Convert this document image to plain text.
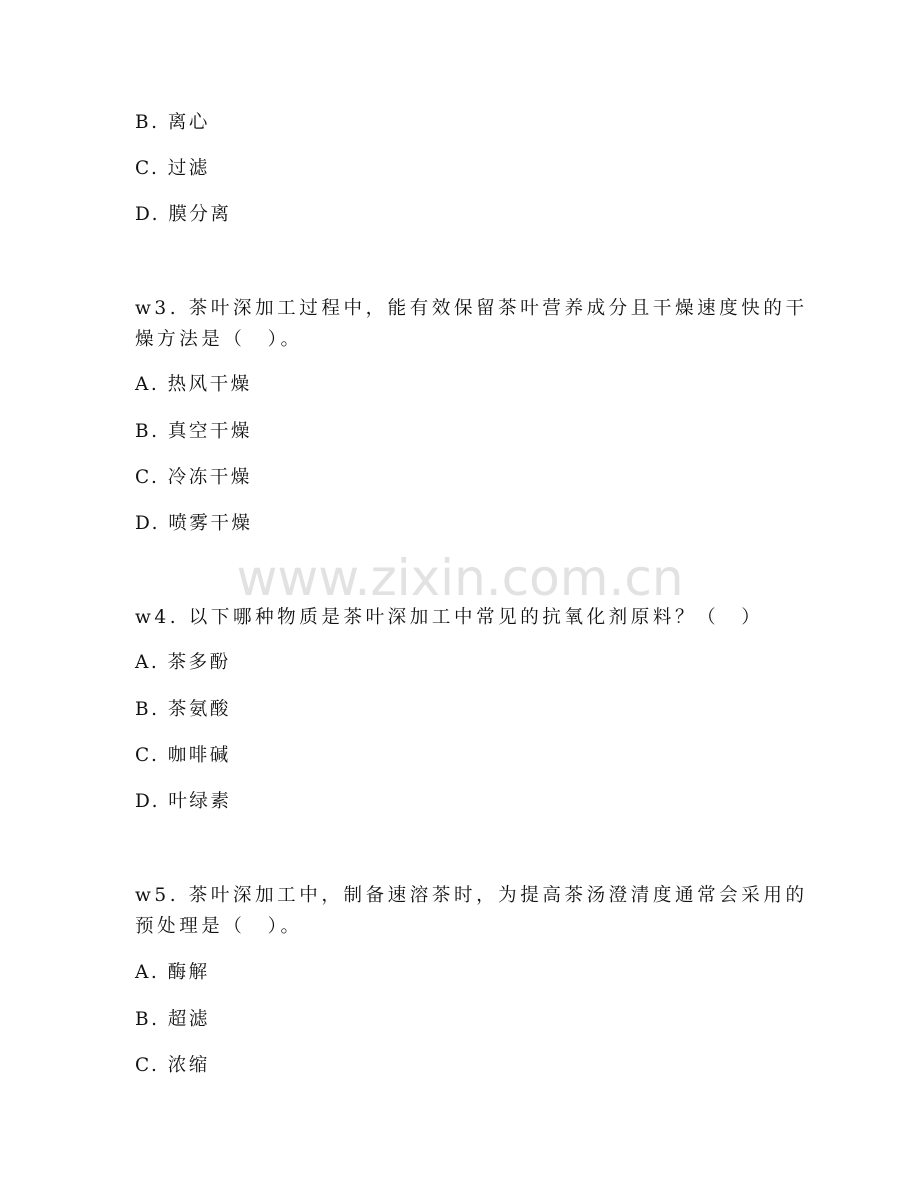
B. 离心
C. 过滤
D. 膜分离
w3. 茶叶深加工过程中，能有效保留茶叶营养成分且干燥速度快的干
燥方法是（　）。
A. 热风干燥
B. 真空干燥
C. 冷冻干燥
D. 喷雾干燥
www.zixin.com.cn
w4. 以下哪种物质是茶叶深加工中常见的抗氧化剂原料？（　）
A. 茶多酚
B. 茶氨酸
C. 咖啡碱
D. 叶绿素
w5. 茶叶深加工中，制备速溶茶时，为提高茶汤澄清度通常会采用的
预处理是（　）。
A. 酶解
B. 超滤
C. 浓缩
